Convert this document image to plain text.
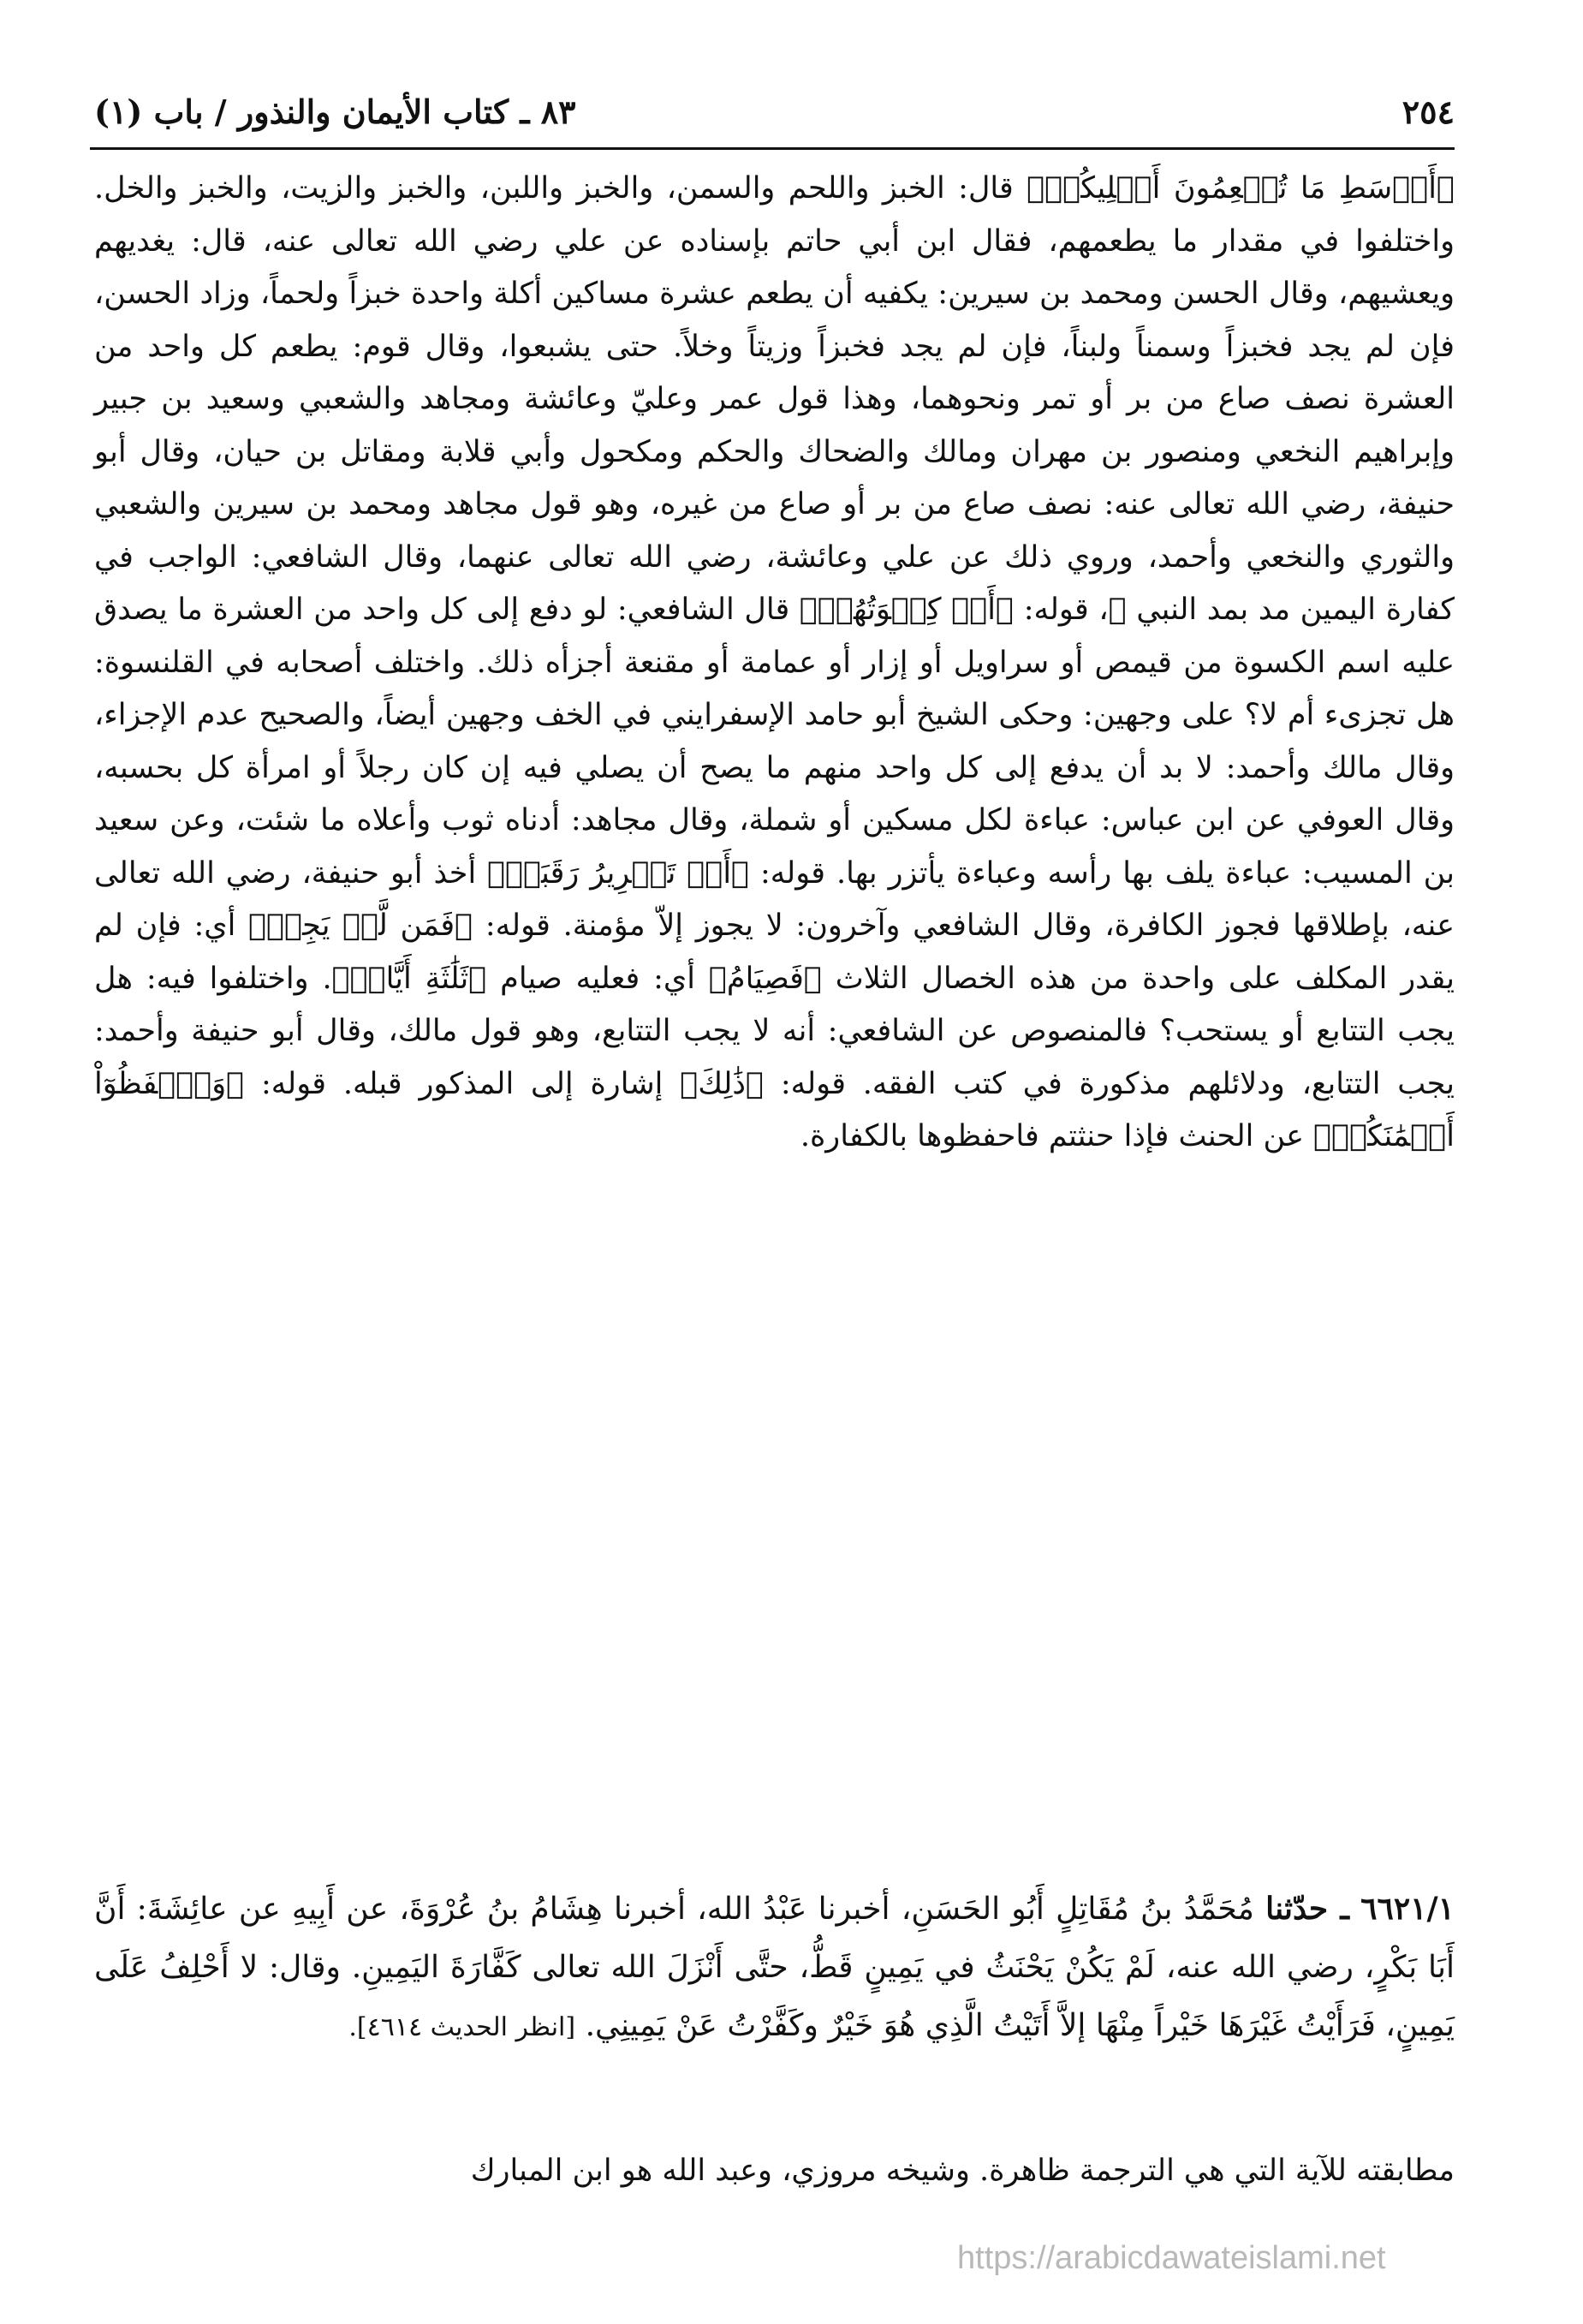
٢٥٤
٨٣ ـ كتاب الأيمان والنذور / باب (١)

﴿أَوۡسَطِ مَا تُطۡعِمُونَ أَهۡلِيكُمۡ﴾ قال: الخبز واللحم والسمن، والخبز واللبن، والخبز والزيت، والخبز والخل. واختلفوا في مقدار ما يطعمهم، فقال ابن أبي حاتم بإسناده عن علي رضي الله تعالى عنه، قال: يغديهم ويعشيهم، وقال الحسن ومحمد بن سيرين: يكفيه أن يطعم عشرة مساكين أكلة واحدة خبزاً ولحماً، وزاد الحسن، فإن لم يجد فخبزاً وسمناً ولبناً، فإن لم يجد فخبزاً وزيتاً وخلاً. حتى يشبعوا، وقال قوم: يطعم كل واحد من العشرة نصف صاع من بر أو تمر ونحوهما، وهذا قول عمر وعليّ وعائشة ومجاهد والشعبي وسعيد بن جبير وإبراهيم النخعي ومنصور بن مهران ومالك والضحاك والحكم ومكحول وأبي قلابة ومقاتل بن حيان، وقال أبو حنيفة، رضي الله تعالى عنه: نصف صاع من بر أو صاع من غيره، وهو قول مجاهد ومحمد بن سيرين والشعبي والثوري والنخعي وأحمد، وروي ذلك عن علي وعائشة، رضي الله تعالى عنهما، وقال الشافعي: الواجب في كفارة اليمين مد بمد النبي ﷺ، قوله: ﴿أَوۡ كِسۡوَتُهُمۡ﴾ قال الشافعي: لو دفع إلى كل واحد من العشرة ما يصدق عليه اسم الكسوة من قيمص أو سراويل أو إزار أو عمامة أو مقنعة أجزأه ذلك. واختلف أصحابه في القلنسوة: هل تجزىء أم لا؟ على وجهين: وحكى الشيخ أبو حامد الإسفرايني في الخف وجهين أيضاً، والصحيح عدم الإجزاء، وقال مالك وأحمد: لا بد أن يدفع إلى كل واحد منهم ما يصح أن يصلي فيه إن كان رجلاً أو امرأة كل بحسبه، وقال العوفي عن ابن عباس: عباءة لكل مسكين أو شملة، وقال مجاهد: أدناه ثوب وأعلاه ما شئت، وعن سعيد بن المسيب: عباءة يلف بها رأسه وعباءة يأتزر بها. قوله: ﴿أَوۡ تَحۡرِيرُ رَقَبَةٖ﴾ أخذ أبو حنيفة، رضي الله تعالى عنه، بإطلاقها فجوز الكافرة، وقال الشافعي وآخرون: لا يجوز إلاّ مؤمنة. قوله: ﴿فَمَن لَّمۡ يَجِدۡ﴾ أي: فإن لم يقدر المكلف على واحدة من هذه الخصال الثلاث ﴿فَصِيَامُ﴾ أي: فعليه صيام ﴿ثَلَٰثَةِ أَيَّامٖ﴾. واختلفوا فيه: هل يجب التتابع أو يستحب؟ فالمنصوص عن الشافعي: أنه لا يجب التتابع، وهو قول مالك، وقال أبو حنيفة وأحمد: يجب التتابع، ودلائلهم مذكورة في كتب الفقه. قوله: ﴿ذَٰلِكَ﴾ إشارة إلى المذكور قبله. قوله: ﴿وَٱحۡفَظُوٓاْ أَيۡمَٰنَكُمۡ﴾ عن الحنث فإذا حنثتم فاحفظوها بالكفارة.

٦٦٢١/١ ـ حدّثنا مُحَمَّدُ بنُ مُقَاتِلٍ أَبُو الحَسَنِ، أخبرنا عَبْدُ الله، أخبرنا هِشَامُ بنُ عُرْوَةَ، عن أَبِيهِ عن عائِشَةَ: أَنَّ أَبَا بَكْرٍ، رضي الله عنه، لَمْ يَكُنْ يَحْنَثُ في يَمِينٍ قَطُّ، حتَّى أَنْزَلَ الله تعالى كَفَّارَةَ اليَمِينِ. وقال: لا أَحْلِفُ عَلَى يَمِينٍ، فَرَأَيْتُ غَيْرَهَا خَيْراً مِنْهَا إلاَّ أَتَيْتُ الَّذِي هُوَ خَيْرٌ وكَفَّرْتُ عَنْ يَمِينِي. [انظر الحديث ٤٦١٤].

مطابقته للآية التي هي الترجمة ظاهرة. وشيخه مروزي، وعبد الله هو ابن المبارك

https://arabicdawateislami.net
